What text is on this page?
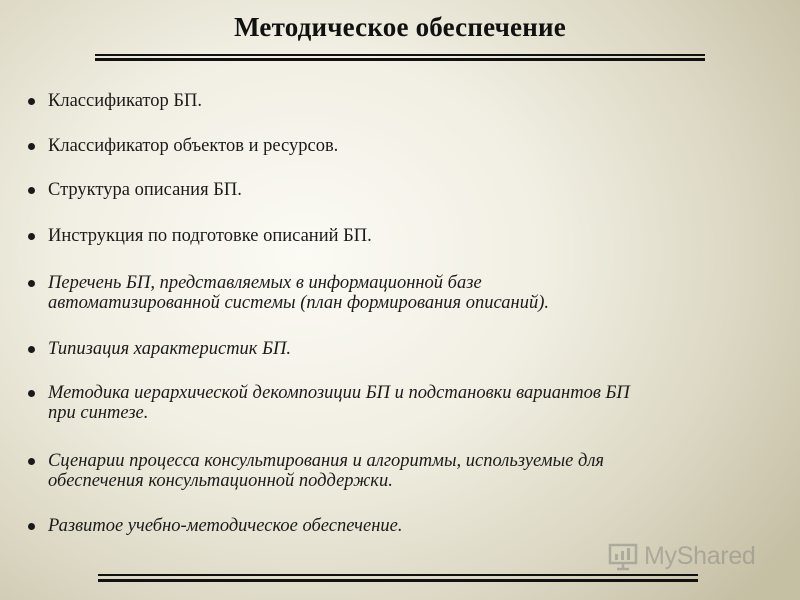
Методическое обеспечение
Классификатор БП.
Классификатор объектов и ресурсов.
Структура описания БП.
Инструкция по подготовке описаний БП.
Перечень БП, представляемых в информационной базе
автоматизированной системы (план формирования описаний).
Типизация характеристик БП.
Методика иерархической декомпозиции БП и подстановки вариантов БП
при синтезе.
Сценарии процесса консультирования и алгоритмы, используемые для
обеспечения консультационной поддержки.
Развитое учебно-методическое обеспечение.
MyShared
